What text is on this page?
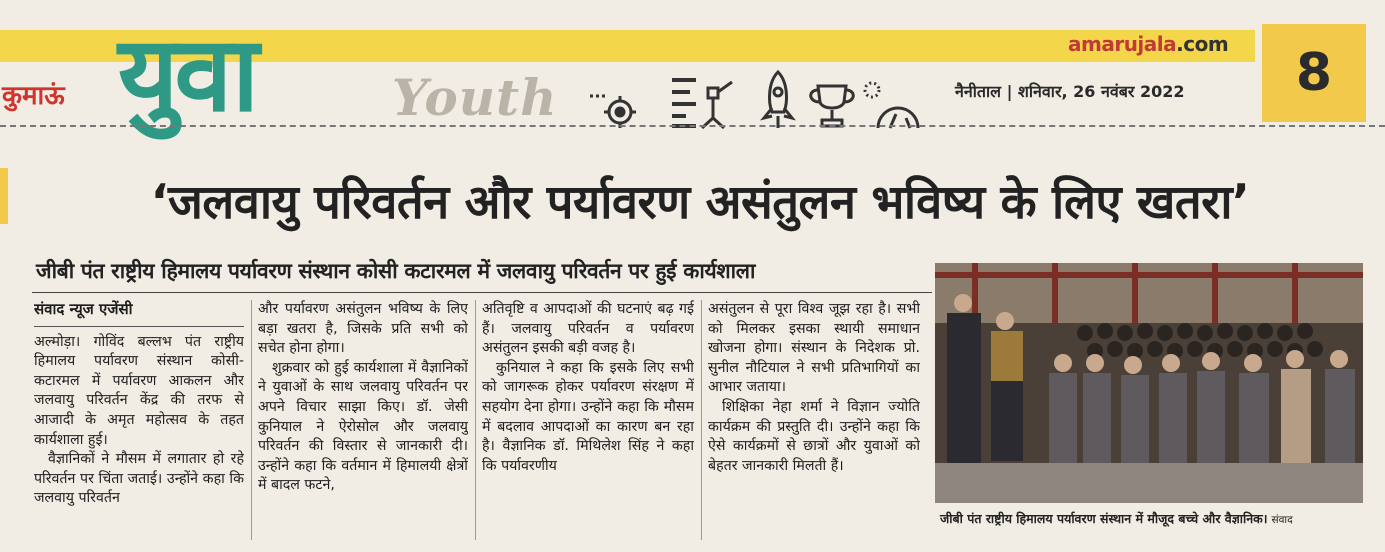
amarujala.com 8
कुमाऊं युवा	Youth	नैनीताल | शनिवार, 26 नवंबर 2022
‘जलवायु परिवर्तन और पर्यावरण असंतुलन भविष्य के लिए खतरा’
जीबी पंत राष्ट्रीय हिमालय पर्यावरण संस्थान कोसी कटारमल में जलवायु परिवर्तन पर हुई कार्यशाला
संवाद न्यूज एजेंसी

अल्मोड़ा। गोविंद बल्लभ पंत राष्ट्रीय हिमालय पर्यावरण संस्थान कोसी-कटारमल में पर्यावरण आकलन और जलवायु परिवर्तन केंद्र की तरफ से आजादी के अमृत महोत्सव के तहत कार्यशाला हुई।

वैज्ञानिकों ने मौसम में लगातार हो रहे परिवर्तन पर चिंता जताई। उन्होंने कहा कि जलवायु परिवर्तन

और पर्यावरण असंतुलन भविष्य के लिए बड़ा खतरा है, जिसके प्रति सभी को सचेत होना होगा।

शुक्रवार को हुई कार्यशाला में वैज्ञानिकों ने युवाओं के साथ जलवायु परिवर्तन पर अपने विचार साझा किए। डॉ. जेसी कुनियाल ने ऐरोसोल और जलवायु परिवर्तन की विस्तार से जानकारी दी। उन्होंने कहा कि वर्तमान में हिमालयी क्षेत्रों में बादल फटने,

अतिवृष्टि व आपदाओं की घटनाएं बढ़ गई हैं। जलवायु परिवर्तन व पर्यावरण असंतुलन इसकी बड़ी वजह है।

कुनियाल ने कहा कि इसके लिए सभी को जागरूक होकर पर्यावरण संरक्षण में सहयोग देना होगा। उन्होंने कहा कि मौसम में बदलाव आपदाओं का कारण बन रहा है। वैज्ञानिक डॉ. मिथिलेश सिंह ने कहा कि पर्यावरणीय

असंतुलन से पूरा विश्व जूझ रहा है। सभी को मिलकर इसका स्थायी समाधान खोजना होगा। संस्थान के निदेशक प्रो. सुनील नौटियाल ने सभी प्रतिभागियों का आभार जताया।

शिक्षिका नेहा शर्मा ने विज्ञान ज्योति कार्यक्रम की प्रस्तुति दी। उन्होंने कहा कि ऐसे कार्यक्रमों से छात्रों और युवाओं को बेहतर जानकारी मिलती हैं।

जीबी पंत राष्ट्रीय हिमालय पर्यावरण संस्थान में मौजूद बच्चे और वैज्ञानिक। संवाद
